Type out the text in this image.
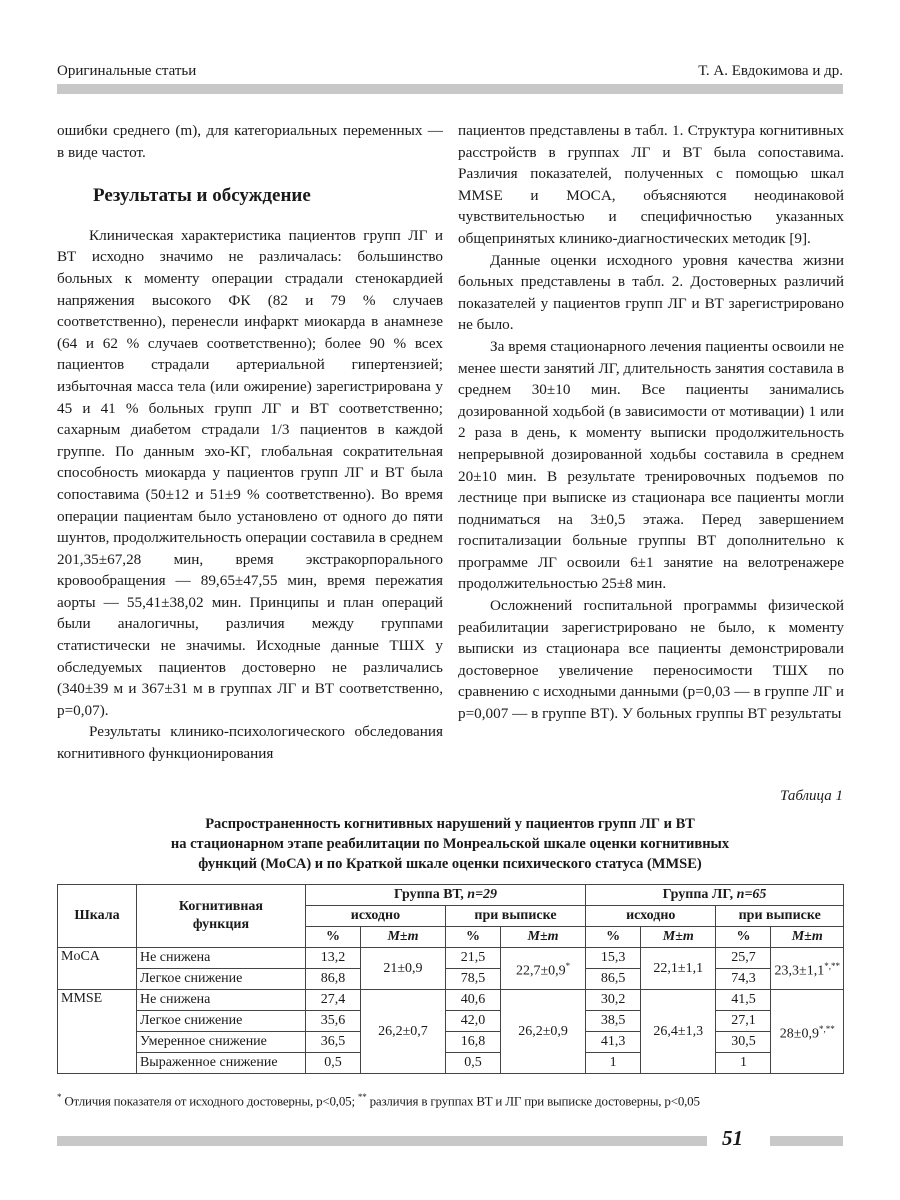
Оригинальные статьи	Т. А. Евдокимова и др.

ошибки среднего (m), для категориальных переменных — в виде частот.

Результаты и обсуждение

Клиническая характеристика пациентов групп ЛГ и ВТ исходно значимо не различалась: большинство больных к моменту операции страдали стенокардией напряжения высокого ФК (82 и 79 % случаев соответственно), перенесли инфаркт миокарда в анамнезе (64 и 62 % случаев соответственно); более 90 % всех пациентов страдали артериальной гипертензией; избыточная масса тела (или ожирение) зарегистрирована у 45 и 41 % больных групп ЛГ и ВТ соответственно; сахарным диабетом страдали 1/3 пациентов в каждой группе. По данным эхо-КГ, глобальная сократительная способность миокарда у пациентов групп ЛГ и ВТ была сопоставима (50±12 и 51±9 % соответственно). Во время операции пациентам было установлено от одного до пяти шунтов, продолжительность операции составила в среднем 201,35±67,28 мин, время экстракорпорального кровообращения — 89,65±47,55 мин, время пережатия аорты — 55,41±38,02 мин. Принципы и план операций были аналогичны, различия между группами статистически не значимы. Исходные данные ТШХ у обследуемых пациентов достоверно не различались (340±39 м и 367±31 м в группах ЛГ и ВТ соответственно, p=0,07).

Результаты клинико-психологического обследования когнитивного функционирования

пациентов представлены в табл. 1. Структура когнитивных расстройств в группах ЛГ и ВТ была сопоставима. Различия показателей, полученных с помощью шкал MMSE и MOCA, объясняются неодинаковой чувствительностью и специфичностью указанных общепринятых клинико-диагностических методик [9].

Данные оценки исходного уровня качества жизни больных представлены в табл. 2. Достоверных различий показателей у пациентов групп ЛГ и ВТ зарегистрировано не было.

За время стационарного лечения пациенты освоили не менее шести занятий ЛГ, длительность занятия составила в среднем 30±10 мин. Все пациенты занимались дозированной ходьбой (в зависимости от мотивации) 1 или 2 раза в день, к моменту выписки продолжительность непрерывной дозированной ходьбы составила в среднем 20±10 мин. В результате тренировочных подъемов по лестнице при выписке из стационара все пациенты могли подниматься на 3±0,5 этажа. Перед завершением госпитализации больные группы ВТ дополнительно к программе ЛГ освоили 6±1 занятие на велотренажере продолжительностью 25±8 мин.

Осложнений госпитальной программы физической реабилитации зарегистрировано не было, к моменту выписки из стационара все пациенты демонстрировали достоверное увеличение переносимости ТШХ по сравнению с исходными данными (p=0,03 — в группе ЛГ и p=0,007 — в группе ВТ). У больных группы ВТ результаты

Таблица 1
Распространенность когнитивных нарушений у пациентов групп ЛГ и ВТ
на стационарном этапе реабилитации по Монреальской шкале оценки когнитивных
функций (МоСА) и по Краткой шкале оценки психического статуса (MMSE)
Шкала	Когнитивная
функция	Группа ВТ, n=29				Группа ЛГ, n=65			
		исходно		при выписке		исходно		при выписке	
		%	M±m	%	M±m	%	M±m	%	M±m
MoCA	Не снижена	13,2	21±0,9	21,5	22,7±0,9*	15,3	22,1±1,1	25,7	23,3±1,1*,**
	Легкое снижение	86,8		78,5		86,5		74,3	
MMSE	Не снижена	27,4	26,2±0,7	40,6	26,2±0,9	30,2	26,4±1,3	41,5	28±0,9*,**
	Легкое снижение	35,6		42,0		38,5		27,1	
	Умеренное снижение	36,5		16,8		41,3		30,5	
	Выраженное снижение	0,5		0,5		1		1	
* Отличия показателя от исходного достоверны, p<0,05; ** различия в группах ВТ и ЛГ при выписке достоверны, p<0,05
51
